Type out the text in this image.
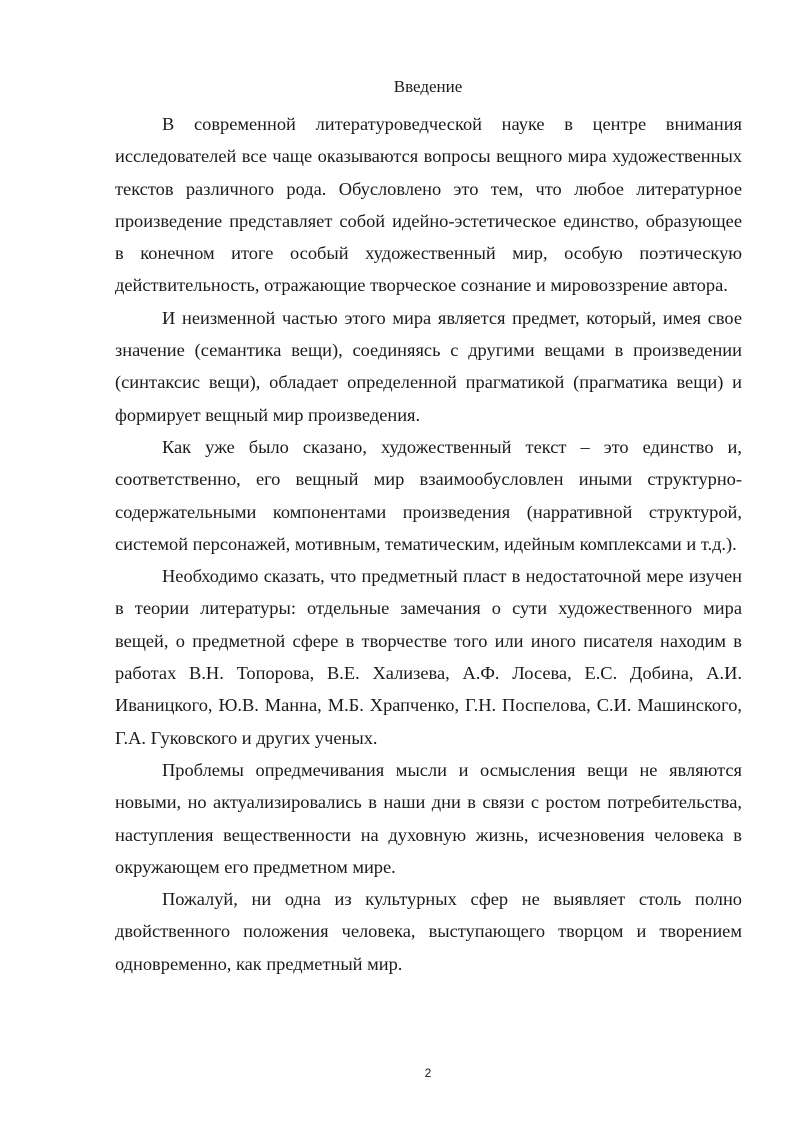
Введение

В современной литературоведческой науке в центре внимания исследователей все чаще оказываются вопросы вещного мира художественных текстов различного рода. Обусловлено это тем, что любое литературное произведение представляет собой идейно-эстетическое единство, образующее в конечном итоге особый художественный мир, особую поэтическую действительность, отражающие творческое сознание и мировоззрение автора.

И неизменной частью этого мира является предмет, который, имея свое значение (семантика вещи), соединяясь с другими вещами в произведении (синтаксис вещи), обладает определенной прагматикой (прагматика вещи) и формирует вещный мир произведения.

Как уже было сказано, художественный текст – это единство и, соответственно, его вещный мир взаимообусловлен иными структурно-содержательными компонентами произведения (нарративной структурой, системой персонажей, мотивным, тематическим, идейным комплексами и т.д.).

Необходимо сказать, что предметный пласт в недостаточной мере изучен в теории литературы: отдельные замечания о сути художественного мира вещей, о предметной сфере в творчестве того или иного писателя находим в работах В.Н. Топорова, В.Е. Хализева, А.Ф. Лосева, Е.С. Добина, А.И. Иваницкого, Ю.В. Манна, М.Б. Храпченко, Г.Н. Поспелова, С.И. Машинского, Г.А. Гуковского и других ученых.

Проблемы опредмечивания мысли и осмысления вещи не являются новыми, но актуализировались в наши дни в связи с ростом потребительства, наступления вещественности на духовную жизнь, исчезновения человека в окружающем его предметном мире.

Пожалуй, ни одна из культурных сфер не выявляет столь полно двойственного положения человека, выступающего творцом и творением одновременно, как предметный мир.

2
